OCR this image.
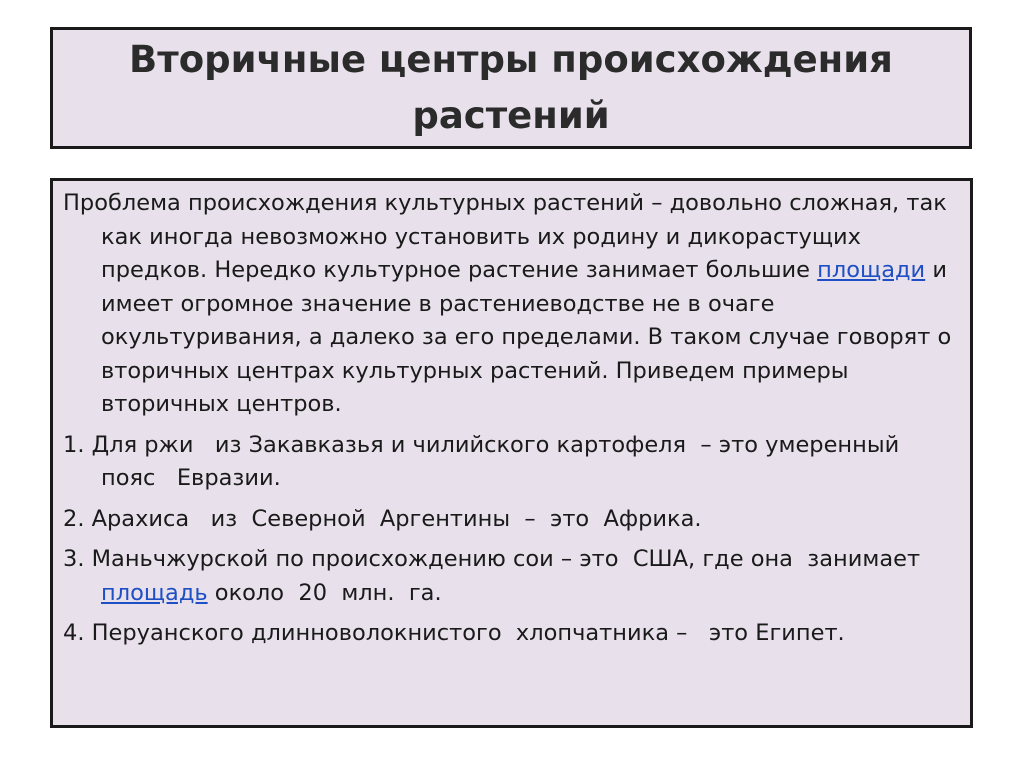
Вторичные центры происхождения растений

Проблема происхождения культурных растений – довольно сложная, так как иногда невозможно установить их родину и дикорастущих предков. Нередко культурное растение занимает большие площади и имеет огромное значение в растениеводстве не в очаге окультуривания, а далеко за его пределами. В таком случае говорят о вторичных центрах культурных растений. Приведем примеры вторичных центров.

1. Для ржи   из Закавказья и чилийского картофеля  – это умеренный          пояс   Евразии.

2. Арахиса   из  Северной  Аргентины  –  это  Африка.

3. Маньчжурской по происхождению сои – это  США, где она  занимает площадь около  20  млн.  га.

4. Перуанского длинноволокнистого  хлопчатника –   это Египет.
